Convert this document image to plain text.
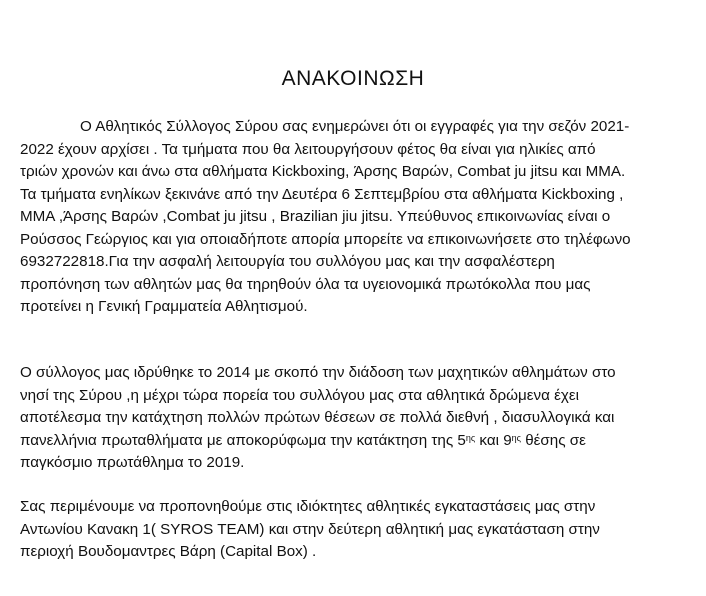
ΑΝΑΚΟΙΝΩΣΗ
Ο Αθλητικός Σύλλογος Σύρου σας ενημερώνει ότι οι εγγραφές για την σεζόν 2021-
2022 έχουν αρχίσει . Τα τμήματα που θα λειτουργήσουν φέτος θα είναι για ηλικίες από
τριών χρονών και άνω στα αθλήματα Kickboxing, Άρσης Βαρών, Combat ju jitsu και MMA.
Τα τμήματα ενηλίκων ξεκινάνε από την Δευτέρα 6 Σεπτεμβρίου στα αθλήματα Kickboxing ,
MMA ,Άρσης Βαρών ,Combat ju jitsu , Brazilian jiu jitsu. Υπεύθυνος επικοινωνίας είναι ο
Ρούσσος Γεώργιος και για οποιαδήποτε απορία μπορείτε να επικοινωνήσετε στο τηλέφωνο
6932722818.Για την ασφαλή λειτουργία του συλλόγου μας και την ασφαλέστερη
προπόνηση των αθλητών μας θα τηρηθούν όλα τα υγειονομικά πρωτόκολλα που μας
προτείνει η Γενική Γραμματεία Αθλητισμού.
Ο σύλλογος μας ιδρύθηκε το 2014 με σκοπό την διάδοση των μαχητικών αθλημάτων στο
νησί της Σύρου ,η μέχρι τώρα πορεία του συλλόγου μας στα αθλητικά δρώμενα έχει
αποτέλεσμα την κατάχτηση πολλών πρώτων θέσεων σε πολλά διεθνή , διασυλλογικά και
πανελλήνια πρωταθλήματα με αποκορύφωμα την κατάκτηση της $5^{\eta\varsigma}$ και $9^{\eta\varsigma}$ θέσης σε
παγκόσμιο πρωτάθλημα το 2019.
Σας περιμένουμε να προπονηθούμε στις ιδιόκτητες αθλητικές εγκαταστάσεις μας στην
Αντωνίου Κανακη 1( SYROS TEAM) και στην δεύτερη αθλητική μας εγκατάσταση στην
περιοχή Βουδομαντρες Βάρη (Capital Box) .
